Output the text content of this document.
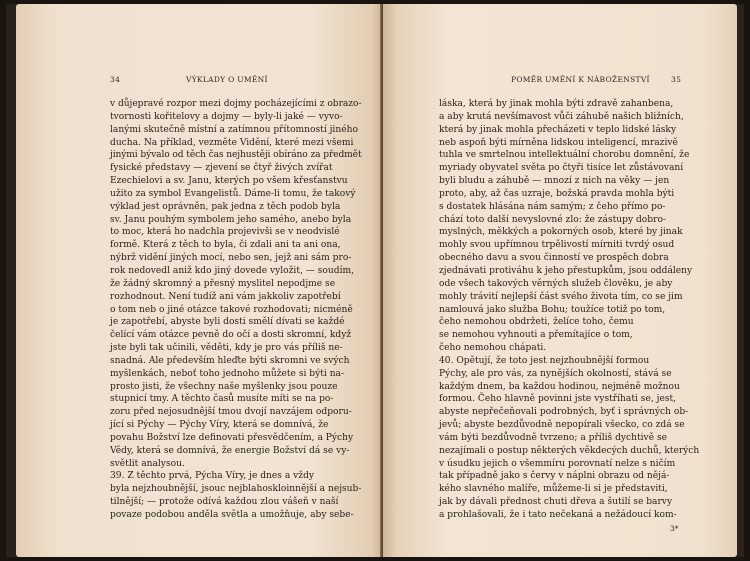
34	VÝKLADY O UMĚNÍ
v důjepravé rozpor mezi dojmy pocházejícími z obrazo-
tvornosti kořitelovy a dojmy — byly-li jaké — vyvo-
lanými skutečně místní a zatímnou přítomností jiného
ducha. Na příklad, vezměte Vidění, které mezi všemi
jinými bývalo od těch čas nejhustěji obíráno za předmět
fysické představy — zjevení se čtyř živých zvířat
Ezechielovi a sv. Janu, kterých po všem křesťanstvu
užito za symbol Evangelistů. Dáme-li tomu, že takový
výklad jest oprávněn, pak jedna z těch podob byla
sv. Janu pouhým symbolem jeho samého, anebo byla
to moc, která ho nadchla projevivši se v neodvislé
formě. Která z těch to byla, či zdali ani ta ani ona,
nýbrž vidění jiných mocí, nebo sen, jejž ani sám pro-
rok nedovedl aniž kdo jiný dovede vyložit, — soudím,
že žádný skromný a přesný myslitel nepodjme se
rozhodnout. Není tudíž ani vám jakkoliv zapotřebí
o tom neb o jiné otázce takové rozhodovati; nicméně
je zapotřebí, abyste byli dosti smělí dívati se každé
čelící vám otázce pevně do očí a dosti skromní, když
jste byli tak učinili, věděti, kdy je pro vás příliš ne-
snadná. Ale především hleďte býti skromni ve svých
myšlenkách, neboť toho jednoho můžete si býti na-
prosto jisti, že všechny naše myšlenky jsou pouze
stupnicí tmy. A těchto časů musíte míti se na po-
zoru před nejosudnější tmou dvojí navzájem odporu-
jící si Pýchy — Pýchy Víry, která se domnívá, že
povahu Božství lze definovati přesvědčením, a Pýchy
Vědy, která se domnívá, že energie Božství dá se vy-
světlit analysou.
39. Z těchto prvá, Pýcha Víry, je dnes a vždy
byla nejzhoubnější, jsouc nejblahoskloinnější a nejsub-
tilnější; — protože odívá každou zlou vášeň v naší
povaze podobou anděla světla a umožňuje, aby sebe-
POMĚR UMĚNÍ K NÁBOŽENSTVÍ	35
láska, která by jinak mohla býti zdravě zahanbena,
a aby krutá nevšímavost vůči záhubě našich bližních,
která by jinak mohla přecházeti v teplo lidské lásky
neb aspoň býti mírněna lidskou inteligencí, mrazivě
tuhla ve smrtelnou intellektuální chorobu domnění, že
myriady obyvatel světa po čtyři tisíce let zůstávovaní
byli bludu a záhubě — mnozí z nich na věky — jen
proto, aby, až čas uzraje, božská pravda mohla býti
s dostatek hlásána nám samým; z čeho přímo po-
chází toto další nevyslovné zlo: že zástupy dobro-
myslných, měkkých a pokorných osob, které by jinak
mohly svou upřímnou trpělivostí mírniti tvrdý osud
obecného davu a svou činností ve prospěch dobra
zjednávati protiváhu k jeho přestupkům, jsou oddáleny
ode všech takových věrných služeb člověku, je aby
mohly trávití nejlepší část svého života tím, co se jim
namlouvá jako služba Bohu; toužíce totiž po tom,
čeho nemohou obdržeti, želíce toho, čemu
se nemohou vyhnouti a přemítajíce o tom,
čeho nemohou chápati.
40. Opětují, že toto jest nejzhoubnější formou
Pýchy, ale pro vás, za nynějších okolností, stává se
každým dnem, ba každou hodinou, nejméně možnou
formou. Čeho hlavně povinni jste vystříhati se, jest,
abyste nepřečeňovali podrobných, byť i správných ob-
jevů; abyste bezdůvodně nepopírali všecko, co zdá se
vám býti bezdůvodně tvrzeno; a příliš dychtivě se
nezajímali o postup některých věkdecých duchů, kterých
v úsudku jejich o všemmíru porovnatí nelze s ničím
tak případně jako s červy v náplni obrazu od nějá-
kého slavného malíře, můžeme-li si je představiti,
jak by dávali přednost chuti dřeva a šutilí se barvy
a prohlašovali, že i tato nečekaná a nežádoucí kom-
3*
